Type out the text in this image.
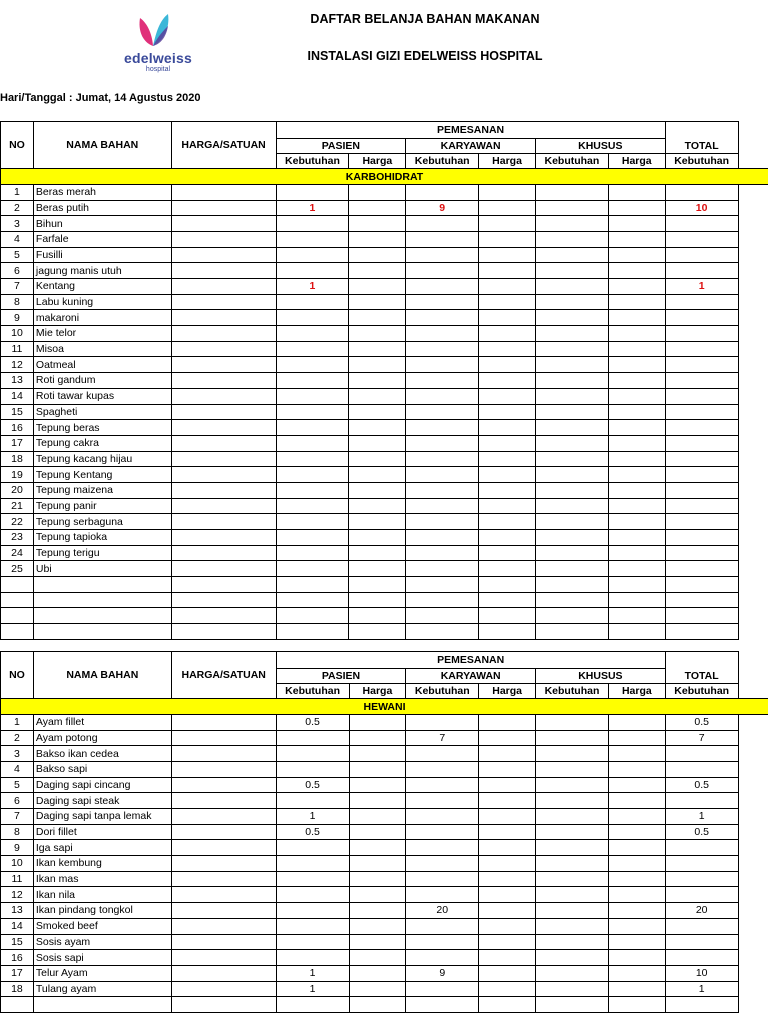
edelweiss
hospital
DAFTAR BELANJA BAHAN MAKANAN
INSTALASI GIZI EDELWEISS HOSPITAL
Hari/Tanggal : Jumat, 14 Agustus 2020
NO	NAMA BAHAN	HARGA/SATUAN	PEMESANAN						TOTAL	
			PASIEN		KARYAWAN		KHUSUS			
			Kebutuhan	Harga	Kebutuhan	Harga	Kebutuhan	Harga	Kebutuhan	
KARBOHIDRAT										
1	Beras merah									
2	Beras putih		1		9				10	
3	Bihun									
4	Farfale									
5	Fusilli									
6	jagung manis utuh									
7	Kentang		1						1	
8	Labu kuning									
9	makaroni									
10	Mie telor									
11	Misoa									
12	Oatmeal									
13	Roti gandum									
14	Roti tawar kupas									
15	Spagheti									
16	Tepung beras									
17	Tepung cakra									
18	Tepung kacang hijau									
19	Tepung Kentang									
20	Tepung maizena									
21	Tepung panir									
22	Tepung serbaguna									
23	Tepung tapioka									
24	Tepung terigu									
25	Ubi									

NO	NAMA BAHAN	HARGA/SATUAN	PEMESANAN						TOTAL	
			PASIEN		KARYAWAN		KHUSUS			
			Kebutuhan	Harga	Kebutuhan	Harga	Kebutuhan	Harga	Kebutuhan	
HEWANI										
1	Ayam fillet		0.5						0.5	
2	Ayam potong				7				7	
3	Bakso ikan cedea									
4	Bakso sapi									
5	Daging sapi cincang		0.5						0.5	
6	Daging sapi steak									
7	Daging sapi tanpa lemak		1						1	
8	Dori fillet		0.5						0.5	
9	Iga sapi									
10	Ikan kembung									
11	Ikan mas									
12	Ikan nila									
13	Ikan pindang tongkol				20				20	
14	Smoked beef									
15	Sosis ayam									
16	Sosis sapi									
17	Telur Ayam		1		9				10	
18	Tulang ayam		1						1	
